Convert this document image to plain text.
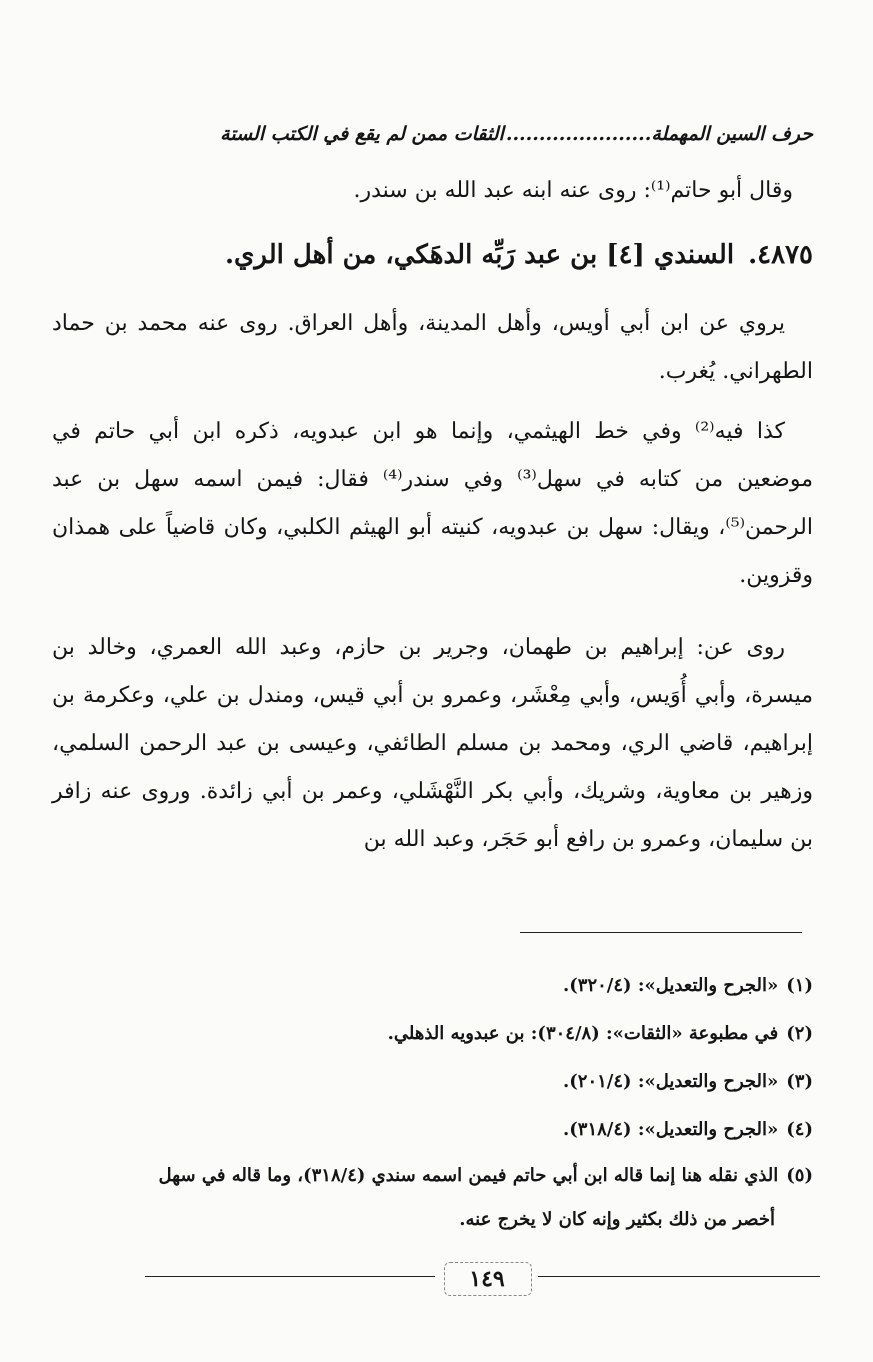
حرف السين المهملة
......................
الثقات ممن لم يقع في الكتب الستة

وقال أبو حاتم⁽¹⁾: روى عنه ابنه عبد الله بن سندر.

٤٨٧٥.
السندي [٤] بن عبد رَبِّه الدهَكي، من أهل الري.

يروي عن ابن أبي أويس، وأهل المدينة، وأهل العراق. روى عنه محمد بن حماد الطهراني. يُغرب.

كذا فيه⁽²⁾ وفي خط الهيثمي، وإنما هو ابن عبدويه، ذكره ابن أبي حاتم في موضعين من كتابه في سهل⁽³⁾ وفي سندر⁽⁴⁾ فقال: فيمن اسمه سهل بن عبد الرحمن⁽⁵⁾، ويقال: سهل بن عبدويه، كنيته أبو الهيثم الكلبي، وكان قاضياً على همذان وقزوين.

روى عن: إبراهيم بن طهمان، وجرير بن حازم، وعبد الله العمري، وخالد بن ميسرة، وأبي أُوَيس، وأبي مِعْشَر، وعمرو بن أبي قيس، ومندل بن علي، وعكرمة بن إبراهيم، قاضي الري، ومحمد بن مسلم الطائفي، وعيسى بن عبد الرحمن السلمي، وزهير بن معاوية، وشريك، وأبي بكر النَّهْشَلي، وعمر بن أبي زائدة. وروى عنه زافر بن سليمان، وعمرو بن رافع أبو حَجَر، وعبد الله بن

(١)«الجرح والتعديل»: (٣٢٠/٤).
(٢)في مطبوعة «الثقات»: (٣٠٤/٨): بن عبدويه الذهلي.
(٣)«الجرح والتعديل»: (٢٠١/٤).
(٤)«الجرح والتعديل»: (٣١٨/٤).
(٥)الذي نقله هنا إنما قاله ابن أبي حاتم فيمن اسمه سندي (٣١٨/٤)، وما قاله في سهل
أخصر من ذلك بكثير وإنه كان لا يخرج عنه.
١٤٩
